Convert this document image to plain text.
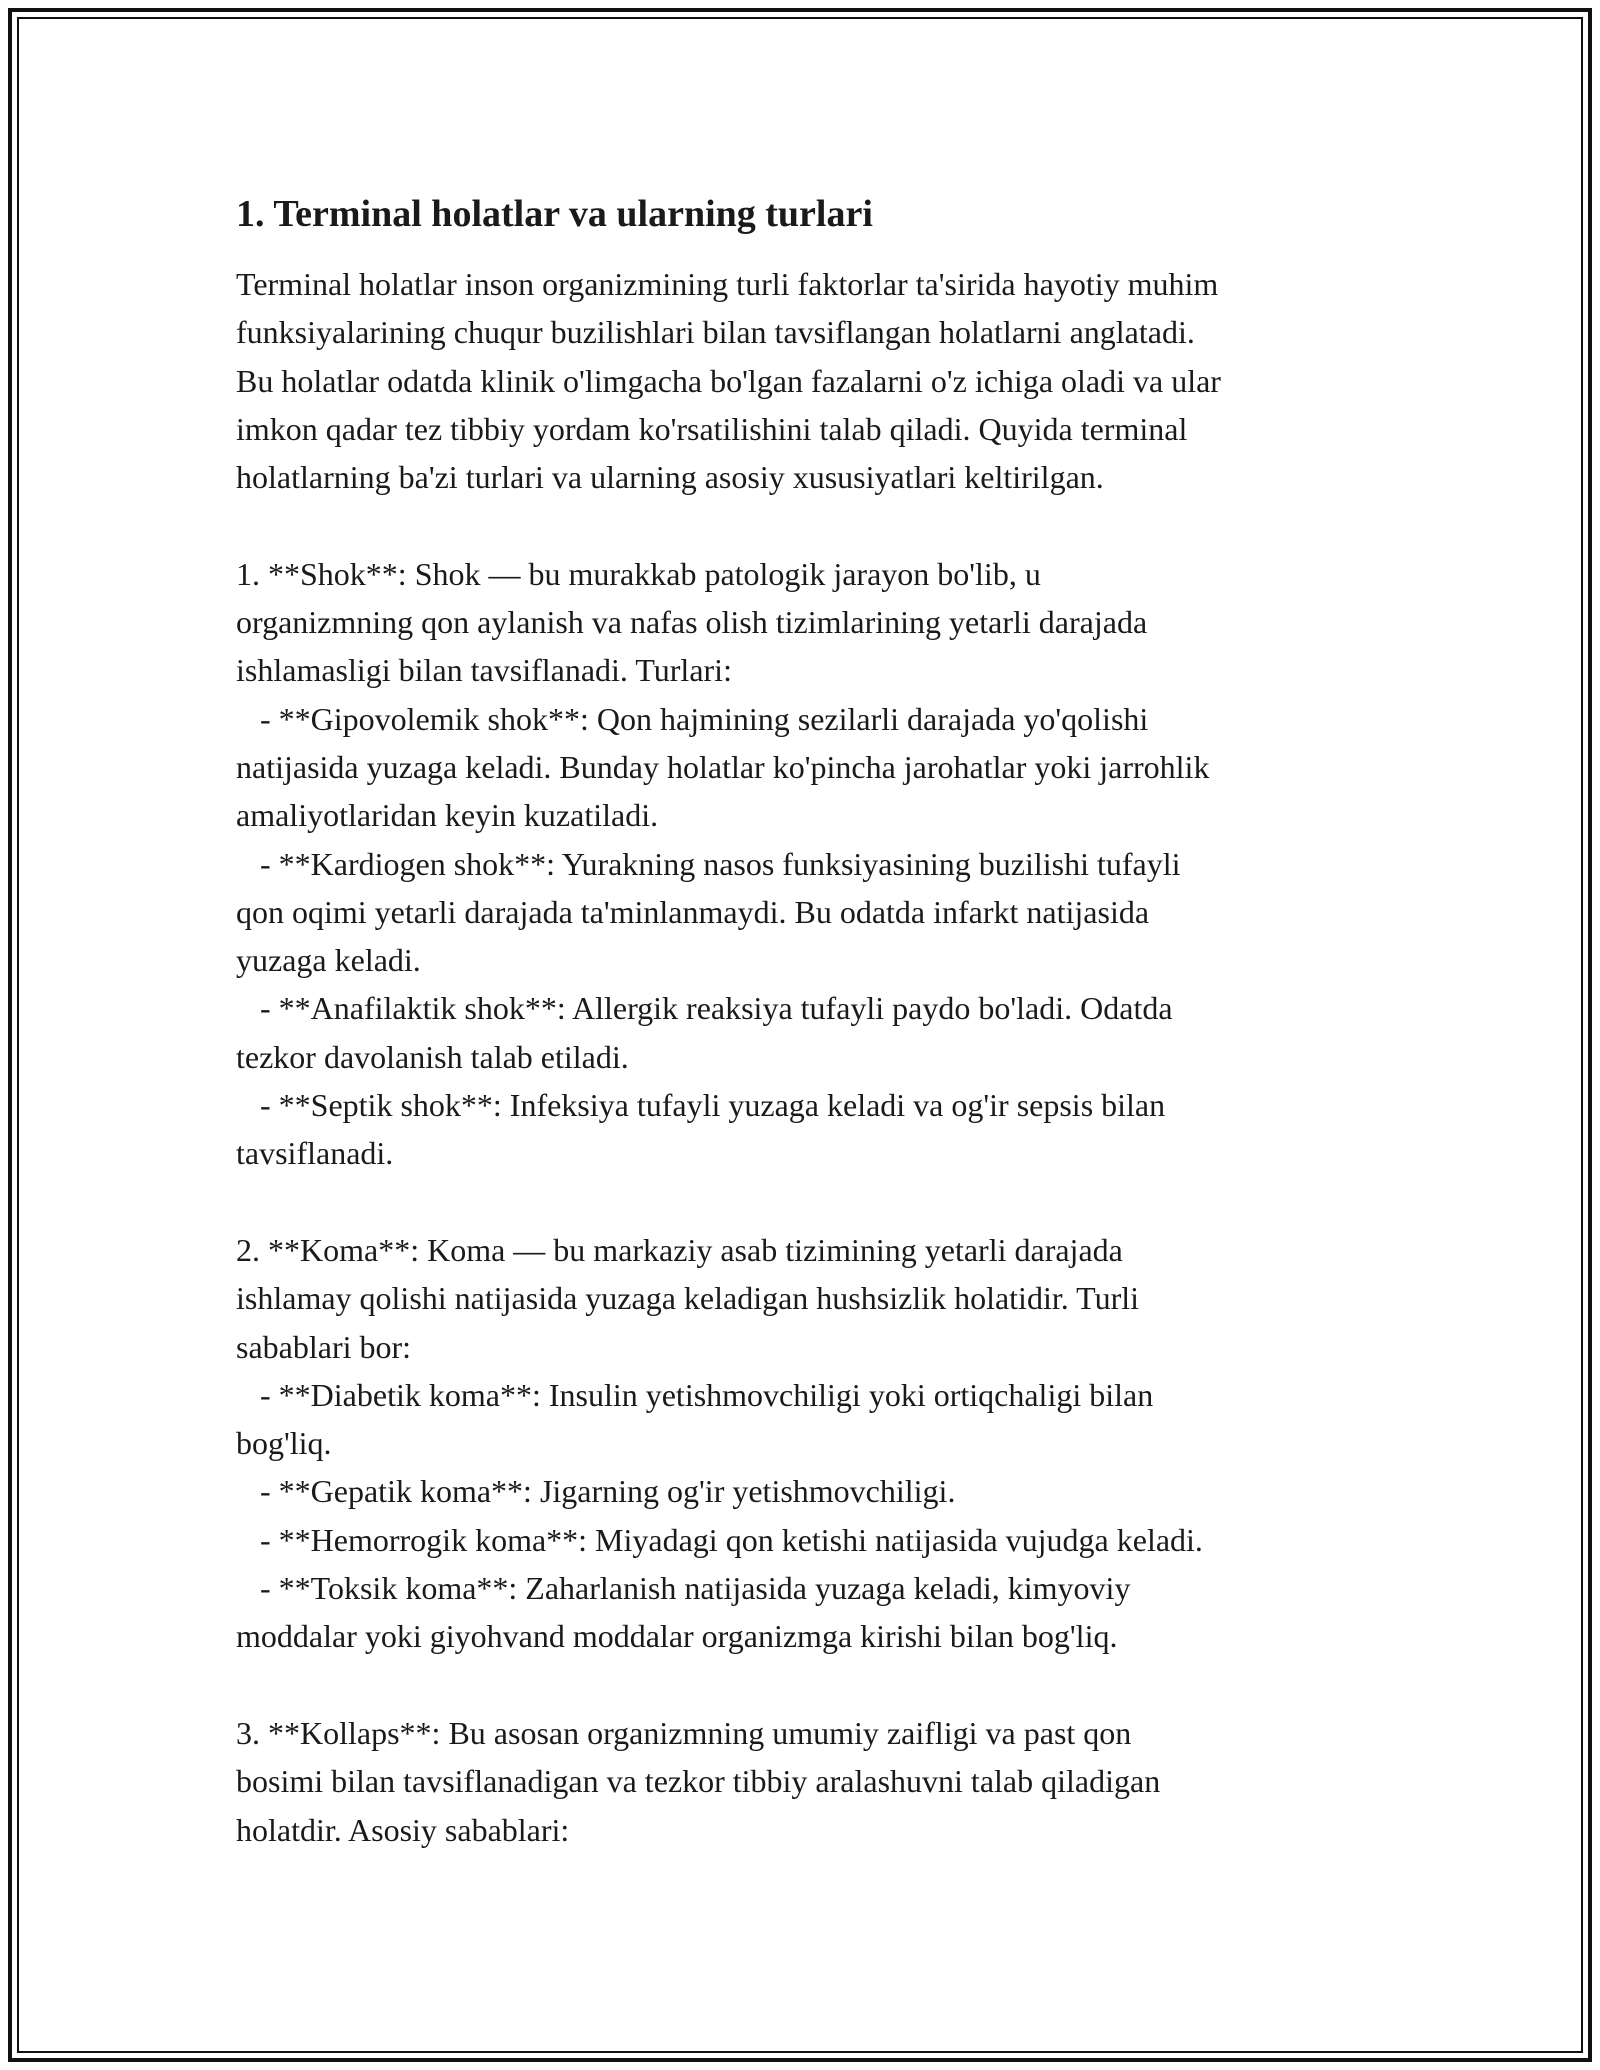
1. Terminal holatlar va ularning turlari

Terminal holatlar inson organizmining turli faktorlar ta'sirida hayotiy muhim
funksiyalarining chuqur buzilishlari bilan tavsiflangan holatlarni anglatadi.
Bu holatlar odatda klinik o'limgacha bo'lgan fazalarni o'z ichiga oladi va ular
imkon qadar tez tibbiy yordam ko'rsatilishini talab qiladi. Quyida terminal
holatlarning ba'zi turlari va ularning asosiy xususiyatlari keltirilgan.

1. **Shok**: Shok — bu murakkab patologik jarayon bo'lib, u
organizmning qon aylanish va nafas olish tizimlarining yetarli darajada
ishlamasligi bilan tavsiflanadi. Turlari:
- **Gipovolemik shok**: Qon hajmining sezilarli darajada yo'qolishi
natijasida yuzaga keladi. Bunday holatlar ko'pincha jarohatlar yoki jarrohlik
amaliyotlaridan keyin kuzatiladi.
- **Kardiogen shok**: Yurakning nasos funksiyasining buzilishi tufayli
qon oqimi yetarli darajada ta'minlanmaydi. Bu odatda infarkt natijasida
yuzaga keladi.
- **Anafilaktik shok**: Allergik reaksiya tufayli paydo bo'ladi. Odatda
tezkor davolanish talab etiladi.
- **Septik shok**: Infeksiya tufayli yuzaga keladi va og'ir sepsis bilan
tavsiflanadi.

2. **Koma**: Koma — bu markaziy asab tizimining yetarli darajada
ishlamay qolishi natijasida yuzaga keladigan hushsizlik holatidir. Turli
sabablari bor:
- **Diabetik koma**: Insulin yetishmovchiligi yoki ortiqchaligi bilan
bog'liq.
- **Gepatik koma**: Jigarning og'ir yetishmovchiligi.
- **Hemorrogik koma**: Miyadagi qon ketishi natijasida vujudga keladi.
- **Toksik koma**: Zaharlanish natijasida yuzaga keladi, kimyoviy
moddalar yoki giyohvand moddalar organizmga kirishi bilan bog'liq.

3. **Kollaps**: Bu asosan organizmning umumiy zaifligi va past qon
bosimi bilan tavsiflanadigan va tezkor tibbiy aralashuvni talab qiladigan
holatdir. Asosiy sabablari:
